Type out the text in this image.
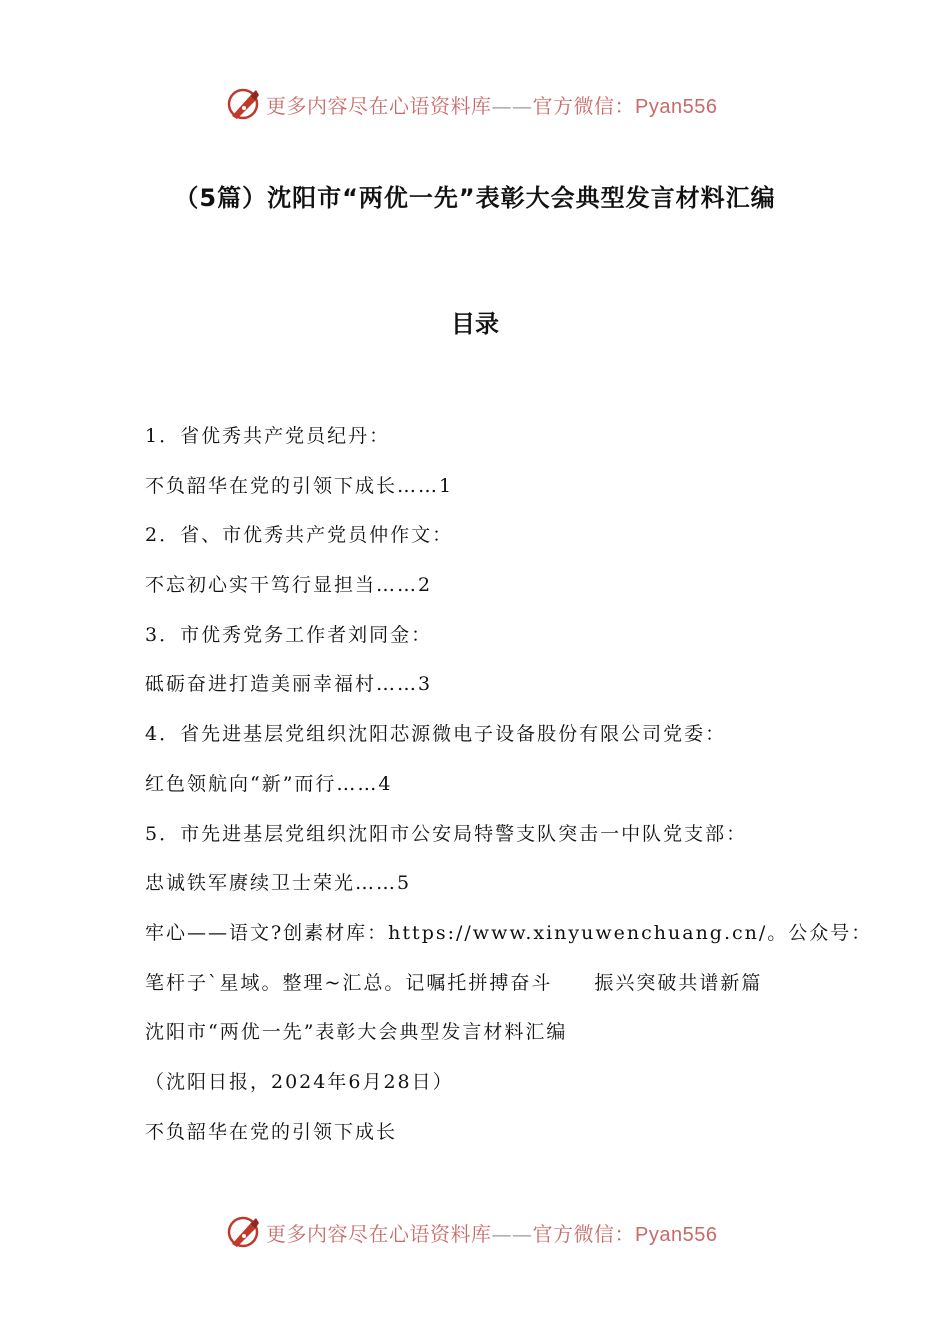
更多内容尽在心语资料库——官方微信：Pyan556
（5篇）沈阳市“两优一先”表彰大会典型发言材料汇编
目录
1．省优秀共产党员纪丹：
不负韶华在党的引领下成长……1
2．省、市优秀共产党员仲作文：
不忘初心实干笃行显担当……2
3．市优秀党务工作者刘同金：
砥砺奋进打造美丽幸福村……3
4．省先进基层党组织沈阳芯源微电子设备股份有限公司党委：
红色领航向“新”而行……4
5．市先进基层党组织沈阳市公安局特警支队突击一中队党支部：
忠诚铁军赓续卫士荣光……5
牢心——语文?创素材库：https://www.xinyuwenchuang.cn/。公众号：
笔杆子`星域。整理~汇总。记嘱托拼搏奋斗　　振兴突破共谱新篇
沈阳市“两优一先”表彰大会典型发言材料汇编
（沈阳日报，2024年6月28日）
不负韶华在党的引领下成长
更多内容尽在心语资料库——官方微信：Pyan556
